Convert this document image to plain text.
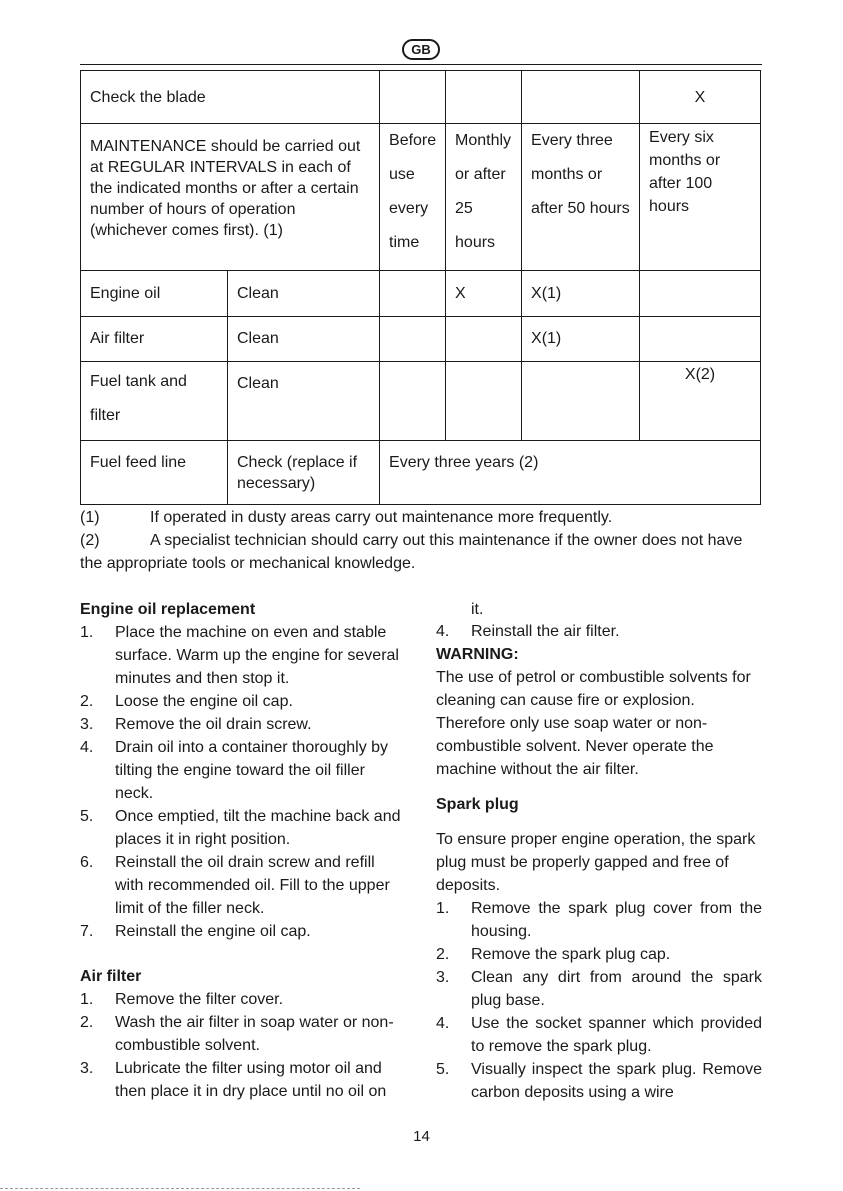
GB
Check the blade					X
MAINTENANCE should be carried out at REGULAR INTERVALS in each of the indicated months or after a certain number of hours of operation (whichever comes first). (1)		Before use every time	Monthly or after 25 hours	Every three months or after 50 hours	Every six months or after 100 hours
Engine oil	Clean		X	X(1)	
Air filter	Clean			X(1)	
Fuel tank and filter	Clean				X(2)
Fuel feed line	Check (replace if necessary)	Every three years (2)			
(1)	If operated in dusty areas carry out maintenance more frequently.
(2)	A specialist technician should carry out this maintenance if the owner does not have
the appropriate tools or mechanical knowledge.

Engine oil replacement

1. Place the machine on even and stable surface. Warm up the engine for several minutes and then stop it.
2. Loose the engine oil cap.
3. Remove the oil drain screw.
4. Drain oil into a container thoroughly by tilting the engine toward the oil filler neck.
5. Once emptied, tilt the machine back and places it in right position.
6. Reinstall the oil drain screw and refill with recommended oil. Fill to the upper limit of the filler neck.
7. Reinstall the engine oil cap.

Air filter

1. Remove the filter cover.
2. Wash the air filter in soap water or non-combustible solvent.
3. Lubricate the filter using motor oil and then place it in dry place until no oil on
it.
4. Reinstall the air filter.

WARNING:

The use of petrol or combustible solvents for cleaning can cause fire or explosion. Therefore only use soap water or non-combustible solvent. Never operate the machine without the air filter.

Spark plug

To ensure proper engine operation, the spark plug must be properly gapped and free of deposits.

1. Remove the spark plug cover from the housing.
2. Remove the spark plug cap.
3. Clean any dirt from around the spark plug base.
4. Use the socket spanner which provided to remove the spark plug.
5. Visually inspect the spark plug. Remove carbon deposits using a wire
14
